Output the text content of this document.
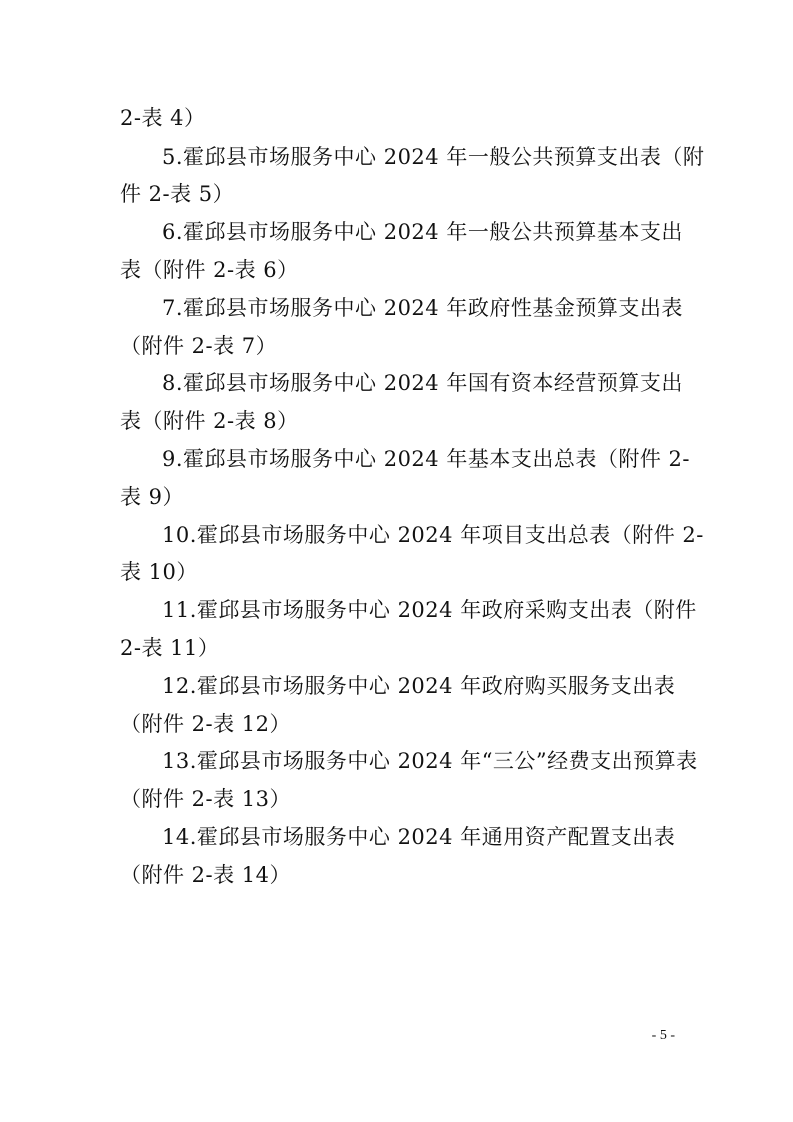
2-表 4）
5.霍邱县市场服务中心 2024 年一般公共预算支出表（附
件 2-表 5）
6.霍邱县市场服务中心 2024 年一般公共预算基本支出
表（附件 2-表 6）
7.霍邱县市场服务中心 2024 年政府性基金预算支出表
（附件 2-表 7）
8.霍邱县市场服务中心 2024 年国有资本经营预算支出
表（附件 2-表 8）
9.霍邱县市场服务中心 2024 年基本支出总表（附件 2-
表 9）
10.霍邱县市场服务中心 2024 年项目支出总表（附件 2-
表 10）
11.霍邱县市场服务中心 2024 年政府采购支出表（附件
2-表 11）
12.霍邱县市场服务中心 2024 年政府购买服务支出表
（附件 2-表 12）
13.霍邱县市场服务中心 2024 年“三公”经费支出预算表
（附件 2-表 13）
14.霍邱县市场服务中心 2024 年通用资产配置支出表
（附件 2-表 14）
- 5 -
